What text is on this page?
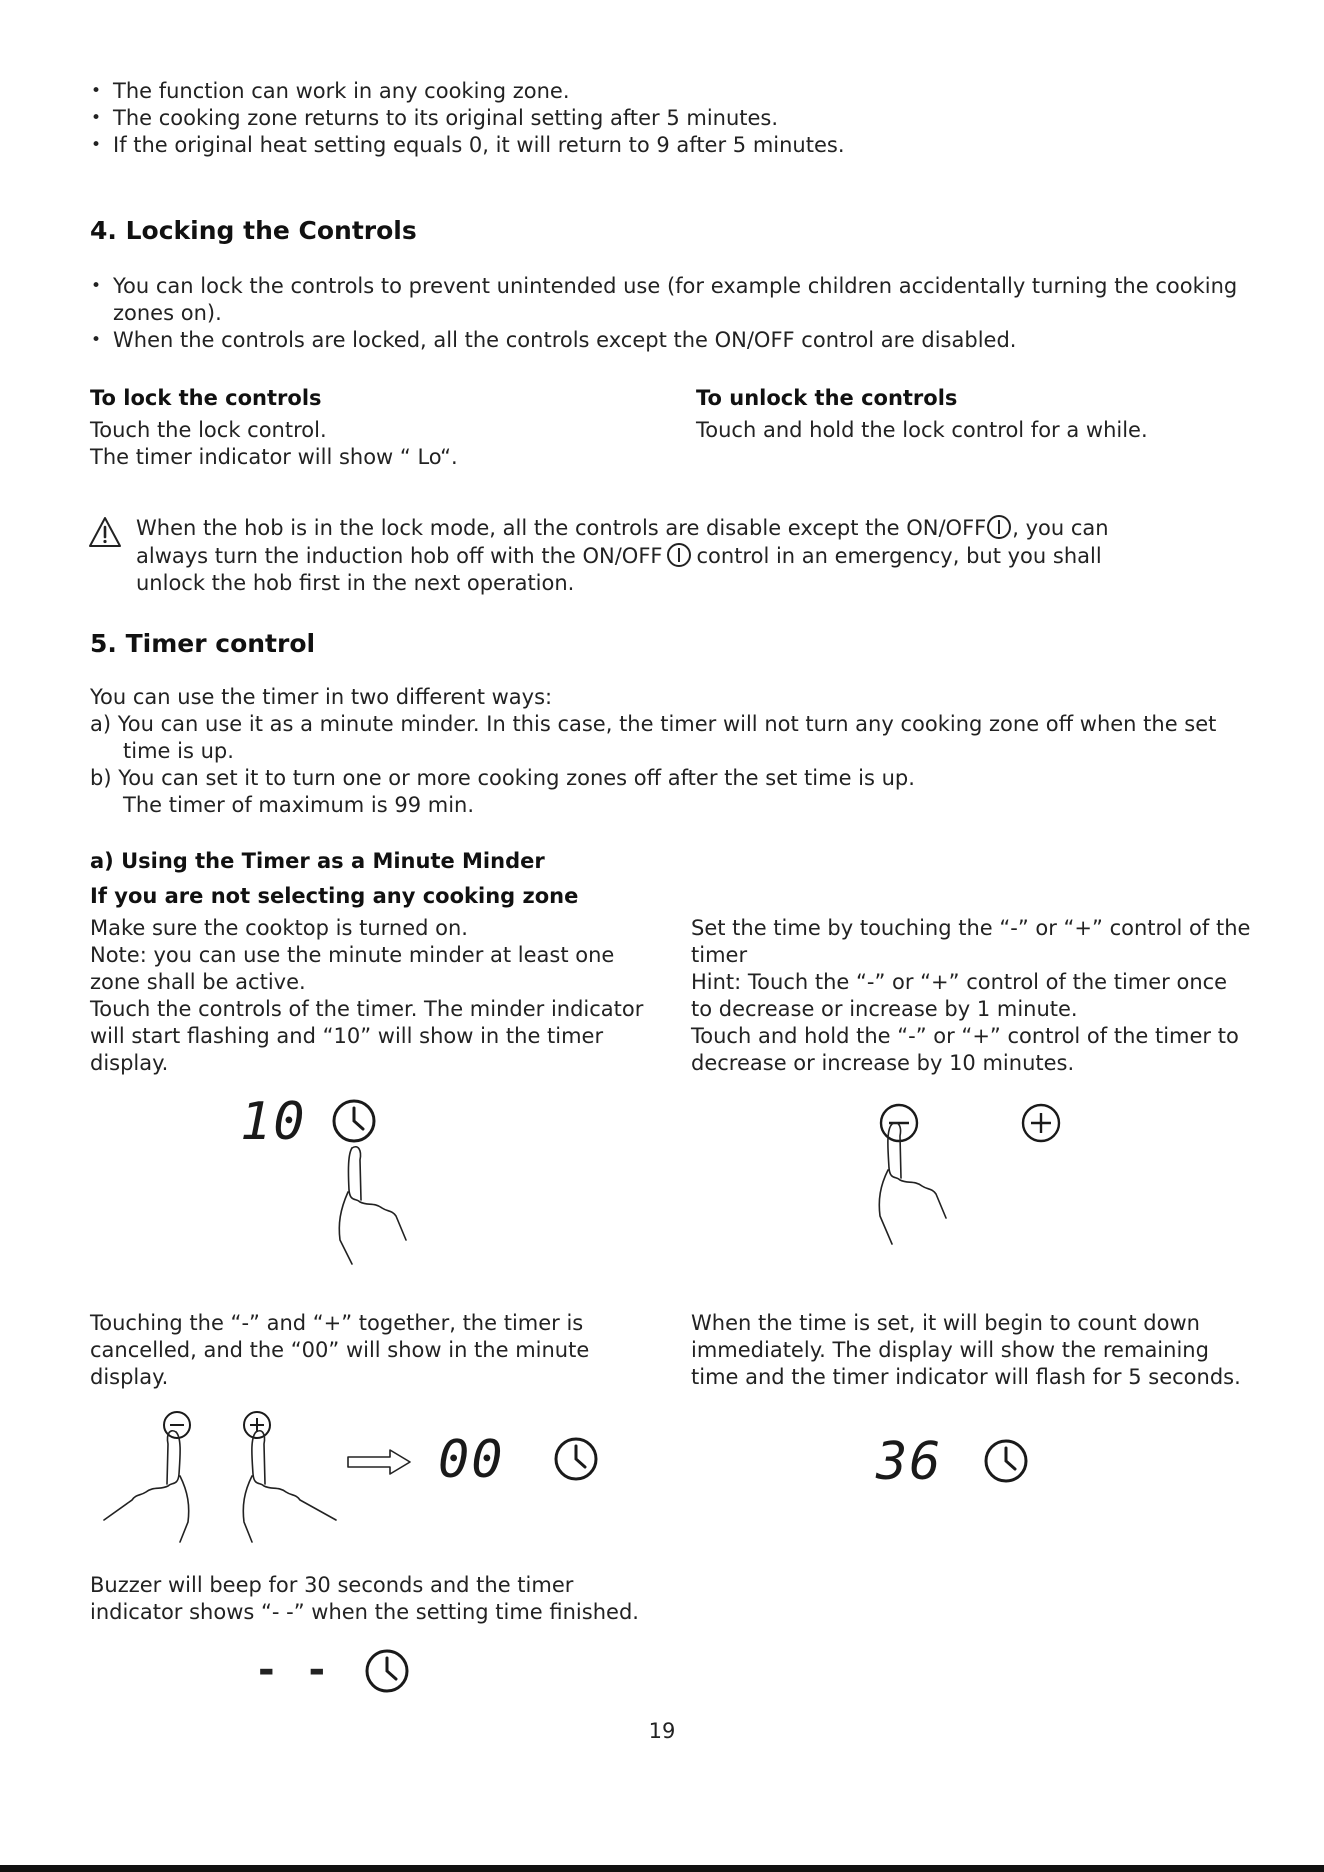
• The function can work in any cooking zone.
• The cooking zone returns to its original setting after 5 minutes.
• If the original heat setting equals 0, it will return to 9 after 5 minutes.
4. Locking the Controls
• You can lock the controls to prevent unintended use (for example children accidentally turning the cooking zones on).
• When the controls are locked, all the controls except the ON/OFF control are disabled.
To lock the controls
Touch the lock control.
The timer indicator will show “ Lo“.
To unlock the controls
Touch and hold the lock control for a while.
When the hob is in the lock mode, all the controls are disable except the ON/OFF , you can always turn the induction hob off with the ON/OFF control in an emergency, but you shall unlock the hob first in the next operation.
5. Timer control

You can use the timer in two different ways:

a) You can use it as a minute minder. In this case, the timer will not turn any cooking zone off when the set time is up.

b) You can set it to turn one or more cooking zones off after the set time is up.

The timer of maximum is 99 min.

a) Using the Timer as a Minute Minder
If you are not selecting any cooking zone

Make sure the cooktop is turned on.

Note: you can use the minute minder at least one zone shall be active.

Touch the controls of the timer. The minder indicator will start flashing and “10” will show in the timer display.

Set the time by touching the “-” or “+” control of the timer

Hint: Touch the “-” or “+” control of the timer once to decrease or increase by 1 minute.

Touch and hold the “-” or “+” control of the timer to decrease or increase by 10 minutes.

10
Touching the “-” and “+” together, the timer is cancelled, and the “00” will show in the minute display.
When the time is set, it will begin to count down immediately. The display will show the remaining time and the timer indicator will flash for 5 seconds.
00	36
Buzzer will beep for 30 seconds and the timer indicator shows “- -” when the setting time finished.
- -
19
